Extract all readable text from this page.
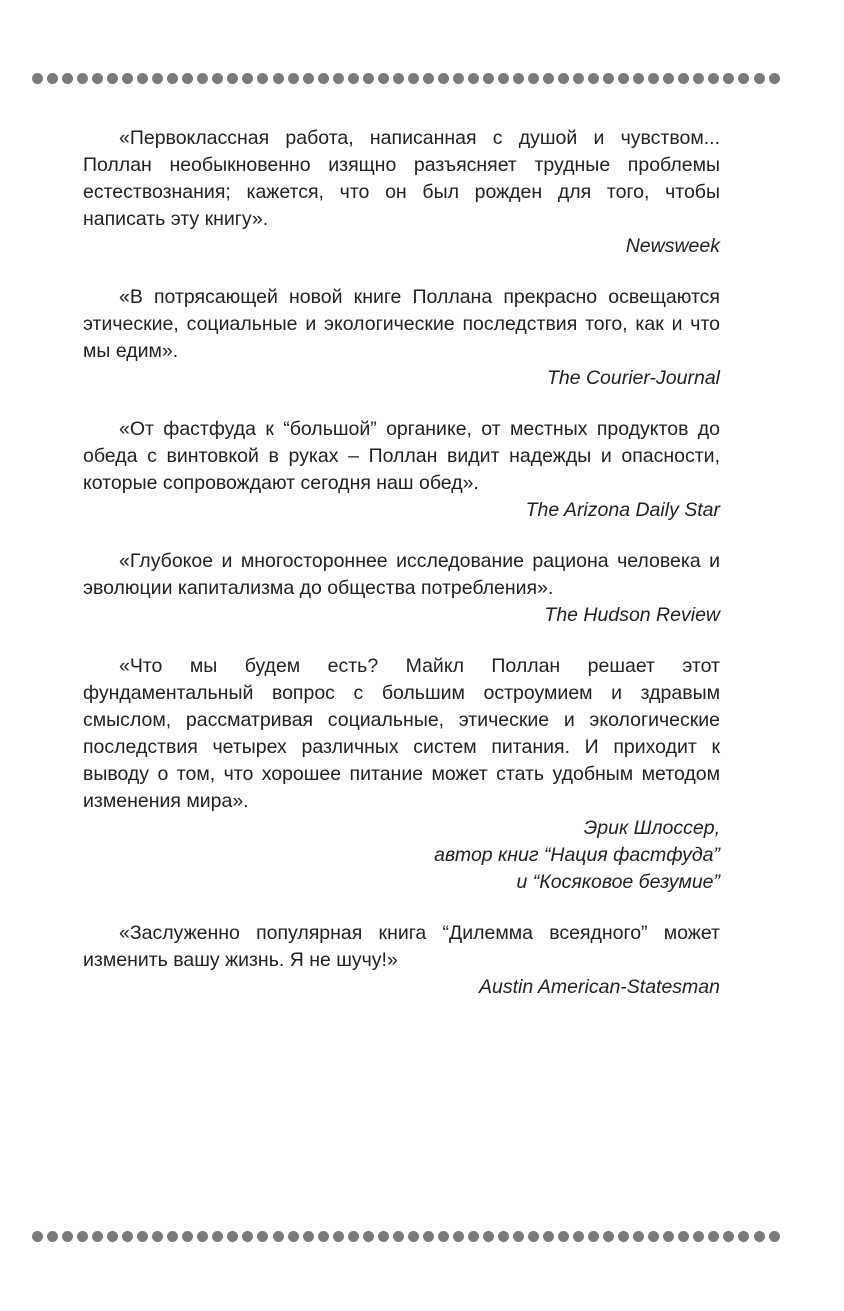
«Первоклассная работа, написанная с душой и чувством... Поллан необыкновенно изящно разъясняет трудные проблемы естествознания; кажется, что он был рожден для того, чтобы написать эту книгу».

Newsweek

«В потрясающей новой книге Поллана прекрасно освещаются этические, социальные и экологические последствия того, как и что мы едим».

The Courier-Journal

«От фастфуда к “большой” органике, от местных продуктов до обеда с винтовкой в руках – Поллан видит надежды и опасности, которые сопровождают сегодня наш обед».

The Arizona Daily Star

«Глубокое и многостороннее исследование рациона человека и эволюции капитализма до общества потребления».

The Hudson Review

«Что мы будем есть? Майкл Поллан решает этот фундаментальный вопрос с большим остроумием и здравым смыслом, рассматривая социальные, этические и экологические последствия четырех различных систем питания. И приходит к выводу о том, что хорошее питание может стать удобным методом изменения мира».

Эрик Шлоссер,
автор книг “Нация фастфуда”
и “Косяковое безумие”

«Заслуженно популярная книга “Дилемма всеядного” может изменить вашу жизнь. Я не шучу!»

Austin American-Statesman
